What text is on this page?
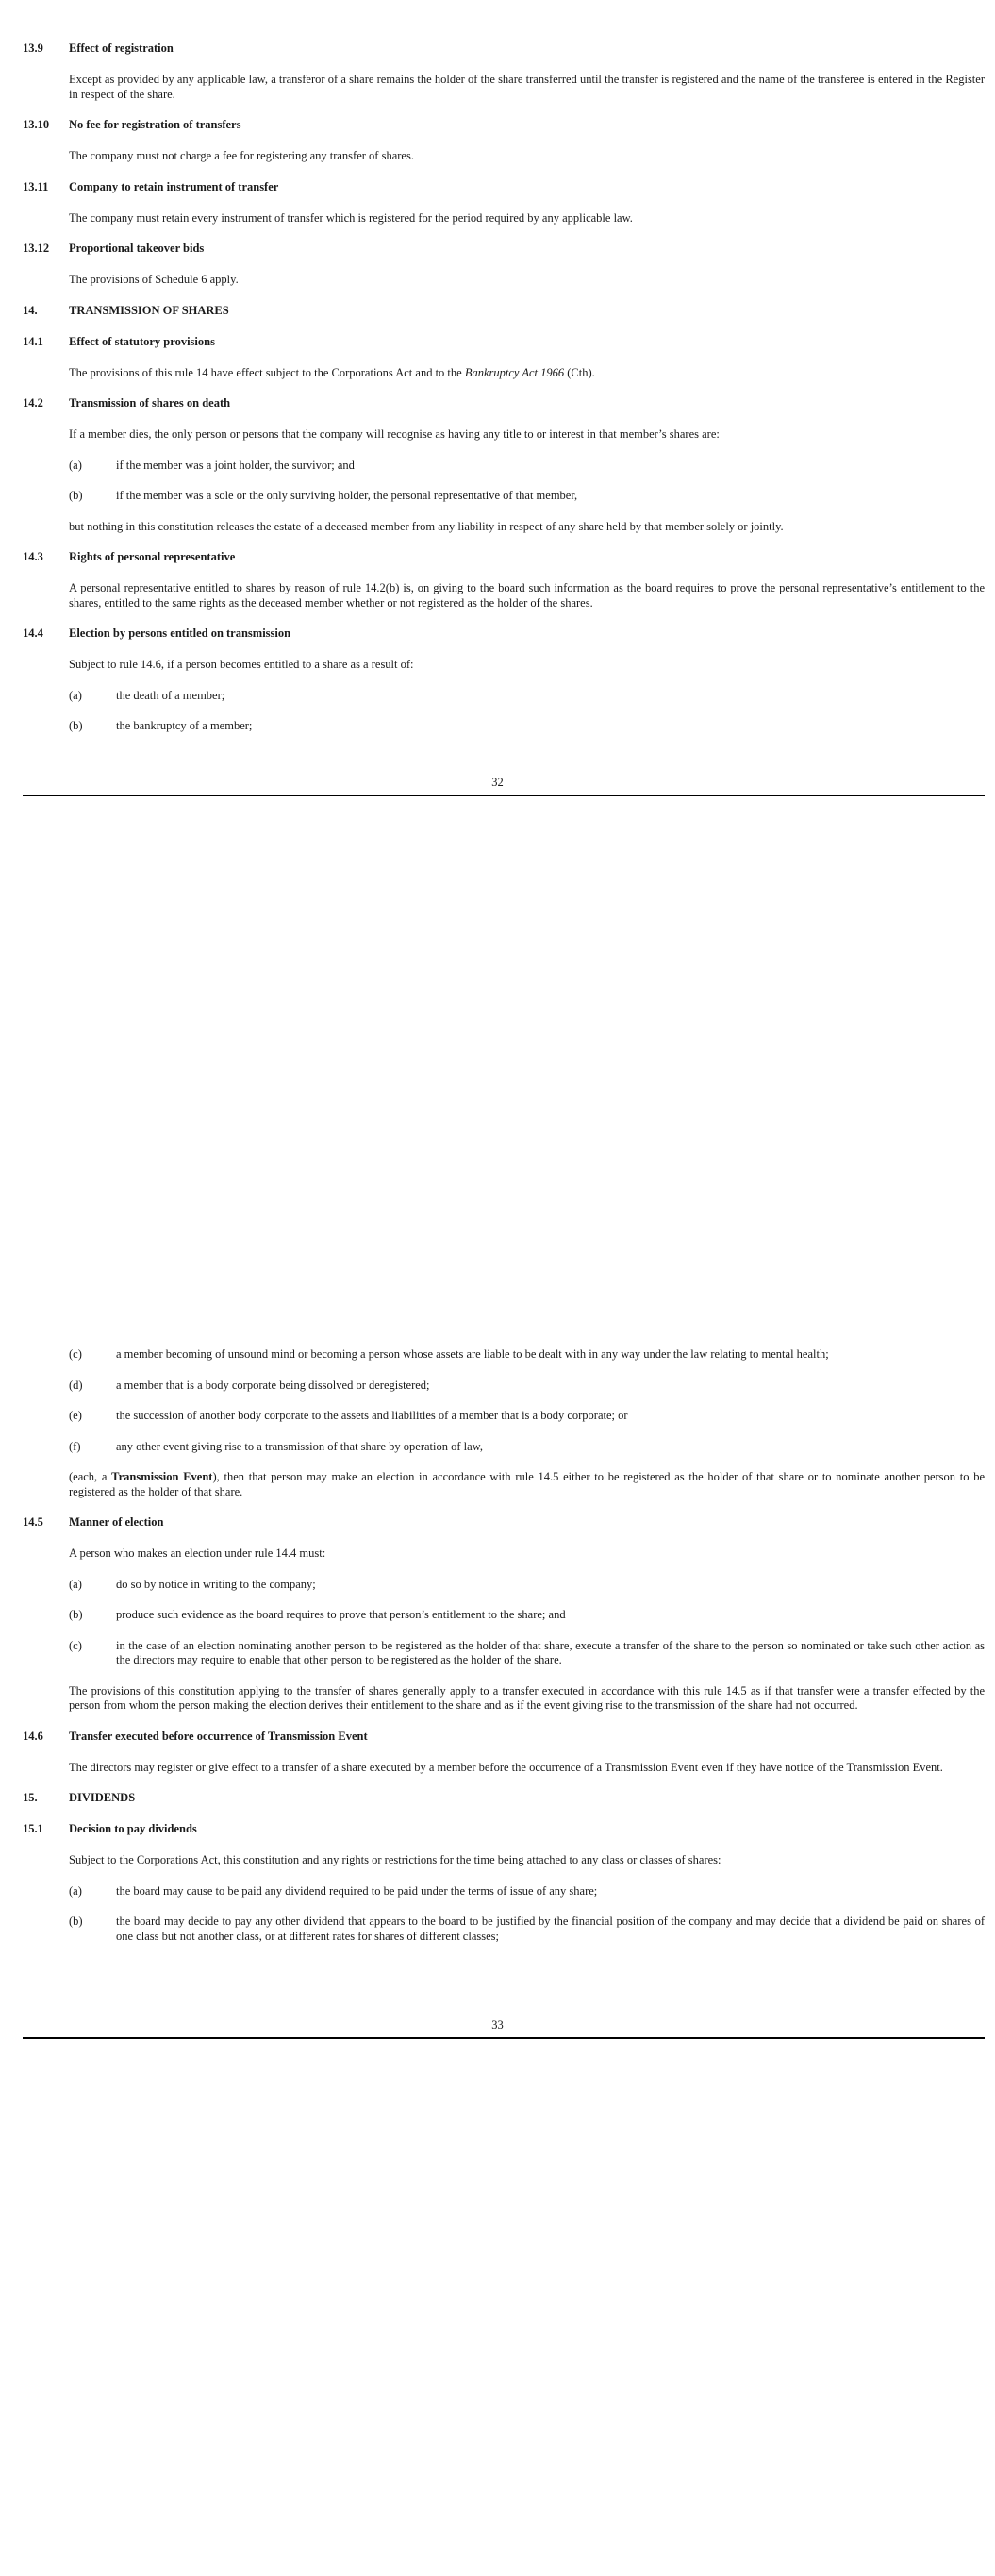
13.9 Effect of registration

Except as provided by any applicable law, a transferor of a share remains the holder of the share transferred until the transfer is registered and the name of the transferee is entered in the Register in respect of the share.

13.10 No fee for registration of transfers

The company must not charge a fee for registering any transfer of shares.

13.11 Company to retain instrument of transfer

The company must retain every instrument of transfer which is registered for the period required by any applicable law.

13.12 Proportional takeover bids

The provisions of Schedule 6 apply.

14.	TRANSMISSION OF SHARES
14.1 Effect of statutory provisions

The provisions of this rule 14 have effect subject to the Corporations Act and to the Bankruptcy Act 1966 (Cth).

14.2 Transmission of shares on death

If a member dies, the only person or persons that the company will recognise as having any title to or interest in that member’s shares are:

(a)	if the member was a joint holder, the survivor; and
(b)	if the member was a sole or the only surviving holder, the personal representative of that member,

but nothing in this constitution releases the estate of a deceased member from any liability in respect of any share held by that member solely or jointly.

14.3 Rights of personal representative

A personal representative entitled to shares by reason of rule 14.2(b) is, on giving to the board such information as the board requires to prove the personal representative’s entitlement to the shares, entitled to the same rights as the deceased member whether or not registered as the holder of the shares.

14.4 Election by persons entitled on transmission

Subject to rule 14.6, if a person becomes entitled to a share as a result of:

(a)	the death of a member;
(b)	the bankruptcy of a member;
32
(c)	a member becoming of unsound mind or becoming a person whose assets are liable to be dealt with in any way under the law relating to mental health;
(d)	a member that is a body corporate being dissolved or deregistered;
(e)	the succession of another body corporate to the assets and liabilities of a member that is a body corporate; or
(f)	any other event giving rise to a transmission of that share by operation of law,

(each, a Transmission Event), then that person may make an election in accordance with rule 14.5 either to be registered as the holder of that share or to nominate another person to be registered as the holder of that share.

14.5 Manner of election

A person who makes an election under rule 14.4 must:

(a)	do so by notice in writing to the company;
(b)	produce such evidence as the board requires to prove that person’s entitlement to the share; and
(c)	in the case of an election nominating another person to be registered as the holder of that share, execute a transfer of the share to the person so nominated or take such other action as the directors may require to enable that other person to be registered as the holder of the share.

The provisions of this constitution applying to the transfer of shares generally apply to a transfer executed in accordance with this rule 14.5 as if that transfer were a transfer effected by the person from whom the person making the election derives their entitlement to the share and as if the event giving rise to the transmission of the share had not occurred.

14.6 Transfer executed before occurrence of Transmission Event

The directors may register or give effect to a transfer of a share executed by a member before the occurrence of a Transmission Event even if they have notice of the Transmission Event.

15.	DIVIDENDS
15.1 Decision to pay dividends

Subject to the Corporations Act, this constitution and any rights or restrictions for the time being attached to any class or classes of shares:

(a)	the board may cause to be paid any dividend required to be paid under the terms of issue of any share;
(b)	the board may decide to pay any other dividend that appears to the board to be justified by the financial position of the company and may decide that a dividend be paid on shares of one class but not another class, or at different rates for shares of different classes;
33
